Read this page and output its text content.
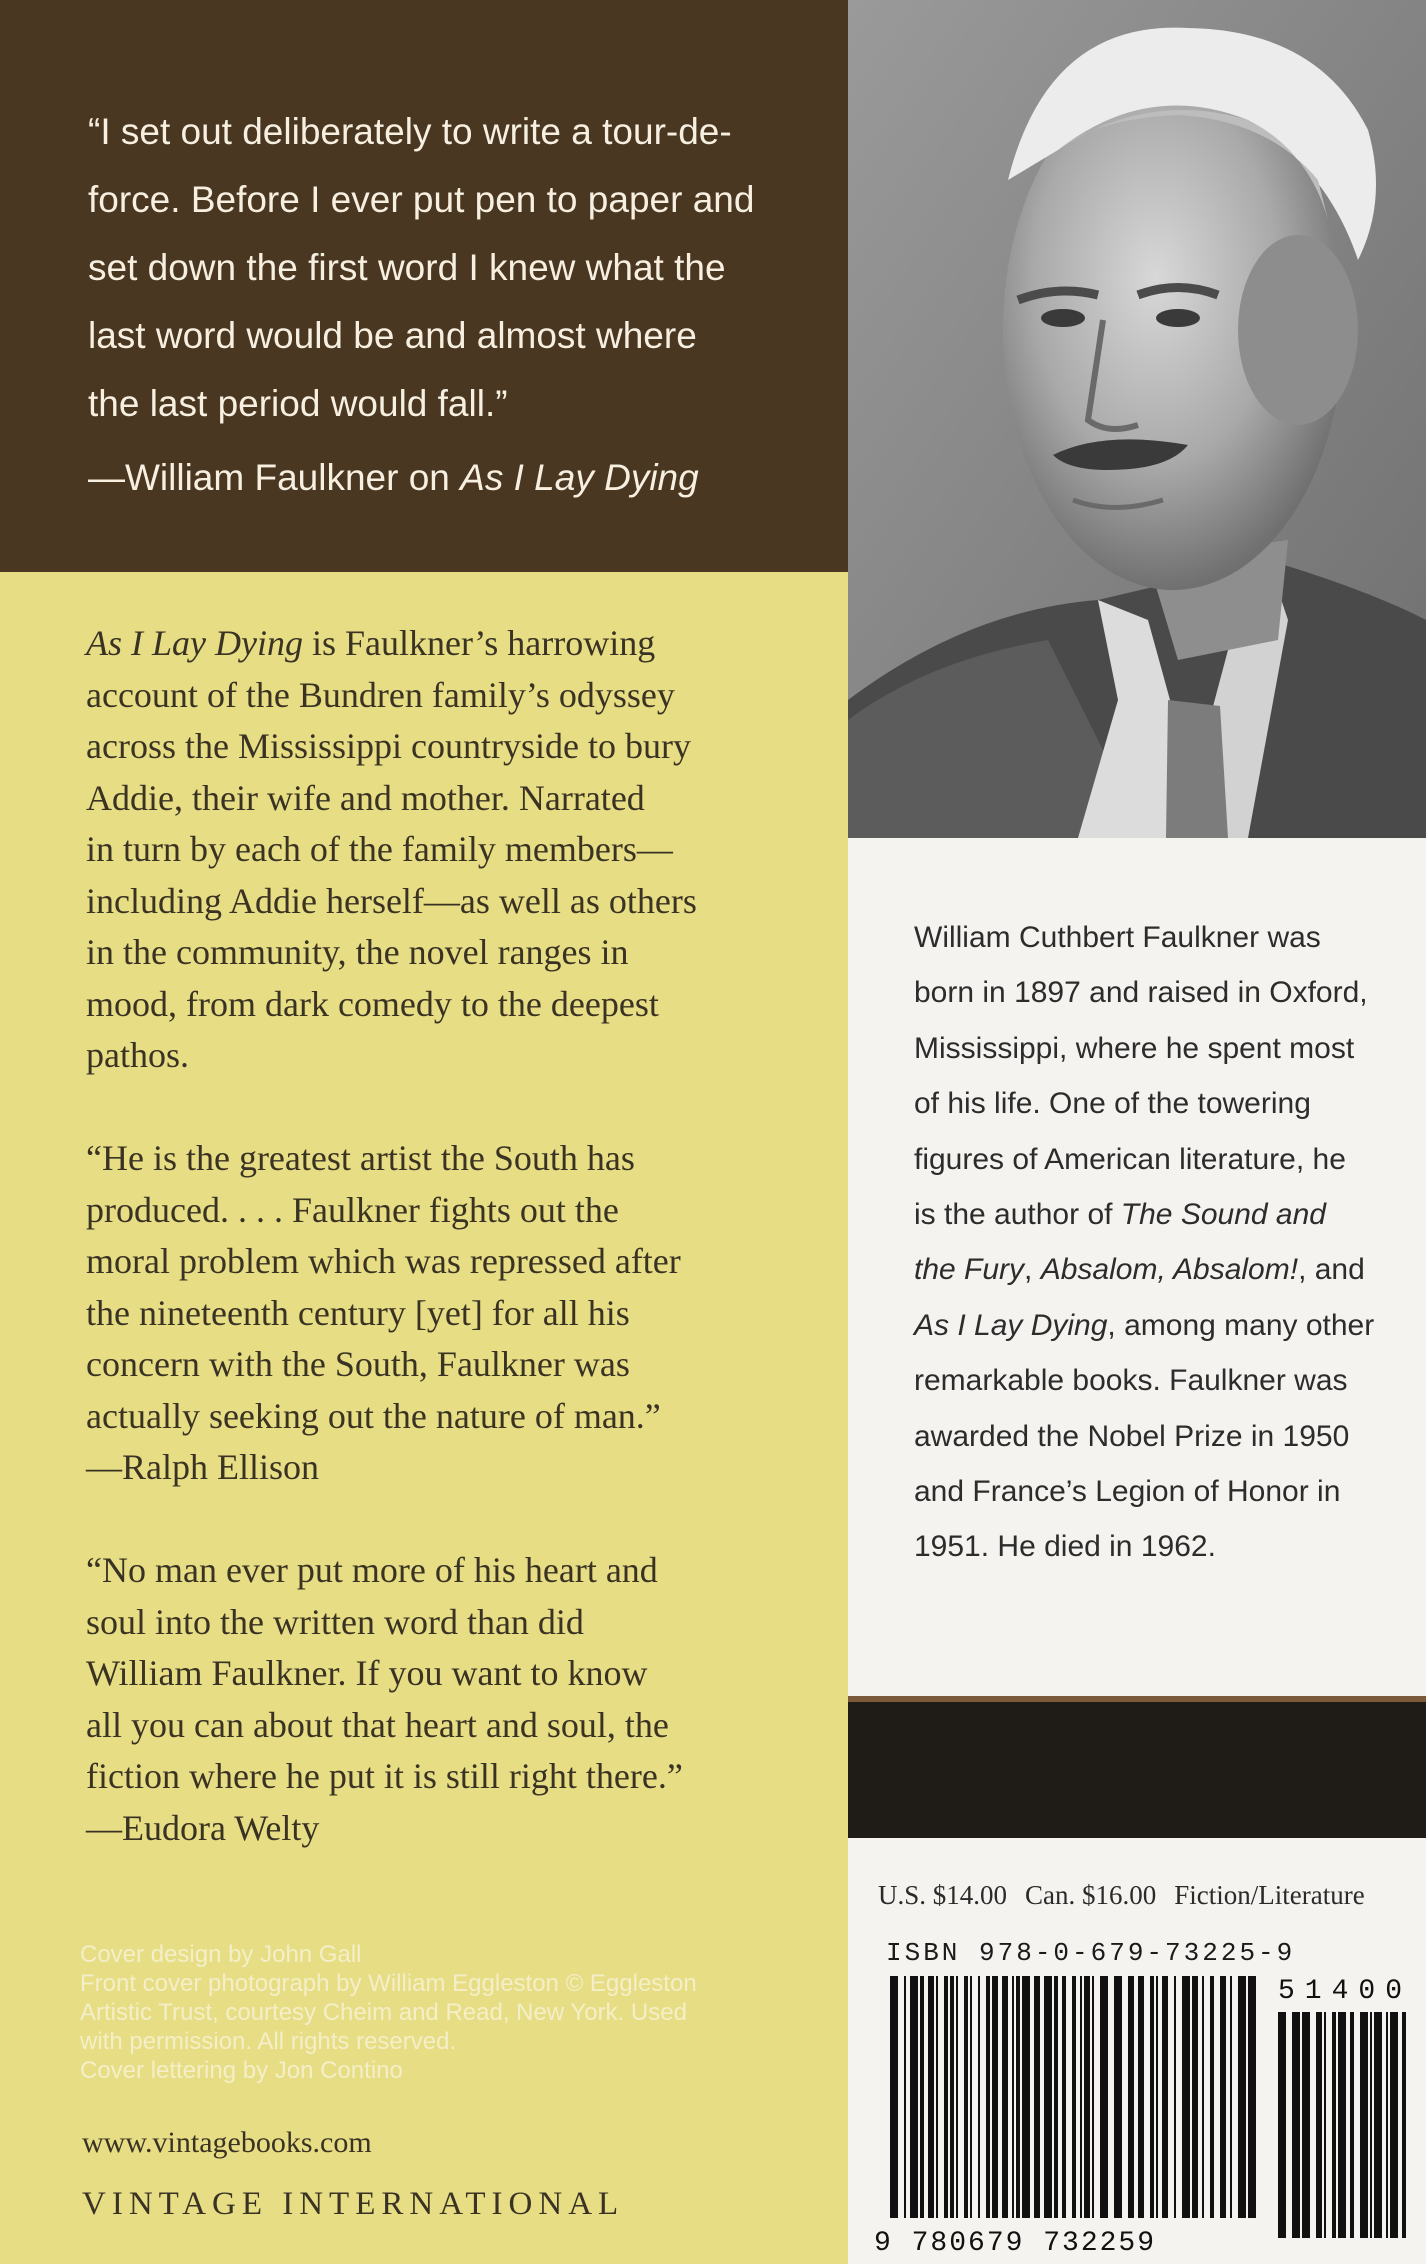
“I set out deliberately to write a tour-de-
force. Before I ever put pen to paper and
set down the first word I knew what the
last word would be and almost where
the last period would fall.”
—William Faulkner on As I Lay Dying
As I Lay Dying is Faulkner’s harrowing
account of the Bundren family’s odyssey
across the Mississippi countryside to bury
Addie, their wife and mother. Narrated
in turn by each of the family members—
including Addie herself—as well as others
in the community, the novel ranges in
mood, from dark comedy to the deepest
pathos.
“He is the greatest artist the South has
produced. . . . Faulkner fights out the
moral problem which was repressed after
the nineteenth century [yet] for all his
concern with the South, Faulkner was
actually seeking out the nature of man.”
—Ralph Ellison
“No man ever put more of his heart and
soul into the written word than did
William Faulkner. If you want to know
all you can about that heart and soul, the
fiction where he put it is still right there.”
—Eudora Welty
Cover design by John Gall
Front cover photograph by William Eggleston © Eggleston
Artistic Trust, courtesy Cheim and Read, New York. Used
with permission. All rights reserved.
Cover lettering by Jon Contino
www.vintagebooks.com
VINTAGE INTERNATIONAL
William Cuthbert Faulkner was
born in 1897 and raised in Oxford,
Mississippi, where he spent most
of his life. One of the towering
figures of American literature, he
is the author of The Sound and
the Fury, Absalom, Absalom!, and
As I Lay Dying, among many other
remarkable books. Faulkner was
awarded the Nobel Prize in 1950
and France’s Legion of Honor in
1951. He died in 1962.
U.S. $14.00 Can. $16.00 Fiction/Literature
ISBN 978-0-679-73225-9
51400
9 780679 732259
